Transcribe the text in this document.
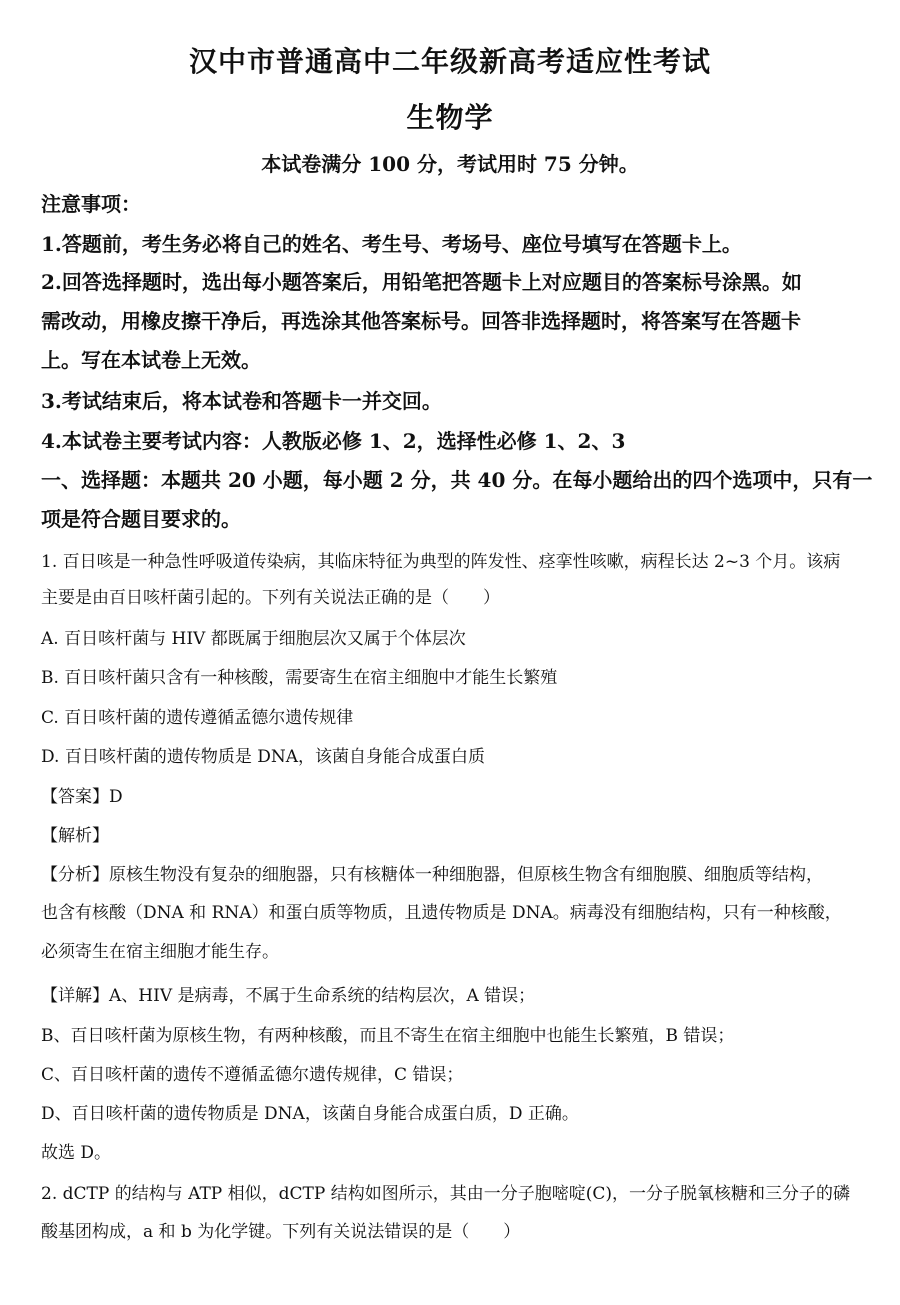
汉中市普通高中二年级新高考适应性考试
生物学
本试卷满分 100 分，考试用时 75 分钟。
注意事项：
1.答题前，考生务必将自己的姓名、考生号、考场号、座位号填写在答题卡上。
2.回答选择题时，选出每小题答案后，用铅笔把答题卡上对应题目的答案标号涂黑。如
需改动，用橡皮擦干净后，再选涂其他答案标号。回答非选择题时，将答案写在答题卡
上。写在本试卷上无效。
3.考试结束后，将本试卷和答题卡一并交回。
4.本试卷主要考试内容：人教版必修 1、2，选择性必修 1、2、3
一、选择题：本题共 20 小题，每小题 2 分，共 40 分。在每小题给出的四个选项中，只有一
项是符合题目要求的。
1. 百日咳是一种急性呼吸道传染病，其临床特征为典型的阵发性、痉挛性咳嗽，病程长达 2~3 个月。该病
主要是由百日咳杆菌引起的。下列有关说法正确的是（　　）
A. 百日咳杆菌与 HIV 都既属于细胞层次又属于个体层次
B. 百日咳杆菌只含有一种核酸，需要寄生在宿主细胞中才能生长繁殖
C. 百日咳杆菌的遗传遵循孟德尔遗传规律
D. 百日咳杆菌的遗传物质是 DNA，该菌自身能合成蛋白质
【答案】D
【解析】
【分析】原核生物没有复杂的细胞器，只有核糖体一种细胞器，但原核生物含有细胞膜、细胞质等结构，
也含有核酸（DNA 和 RNA）和蛋白质等物质，且遗传物质是 DNA。病毒没有细胞结构，只有一种核酸，
必须寄生在宿主细胞才能生存。
【详解】A、HIV 是病毒，不属于生命系统的结构层次，A 错误；
B、百日咳杆菌为原核生物，有两种核酸，而且不寄生在宿主细胞中也能生长繁殖，B 错误；
C、百日咳杆菌的遗传不遵循孟德尔遗传规律，C 错误；
D、百日咳杆菌的遗传物质是 DNA，该菌自身能合成蛋白质，D 正确。
故选 D。
2. dCTP 的结构与 ATP 相似，dCTP 结构如图所示，其由一分子胞嘧啶(C)，一分子脱氧核糖和三分子的磷
酸基团构成，a 和 b 为化学键。下列有关说法错误的是（　　）
